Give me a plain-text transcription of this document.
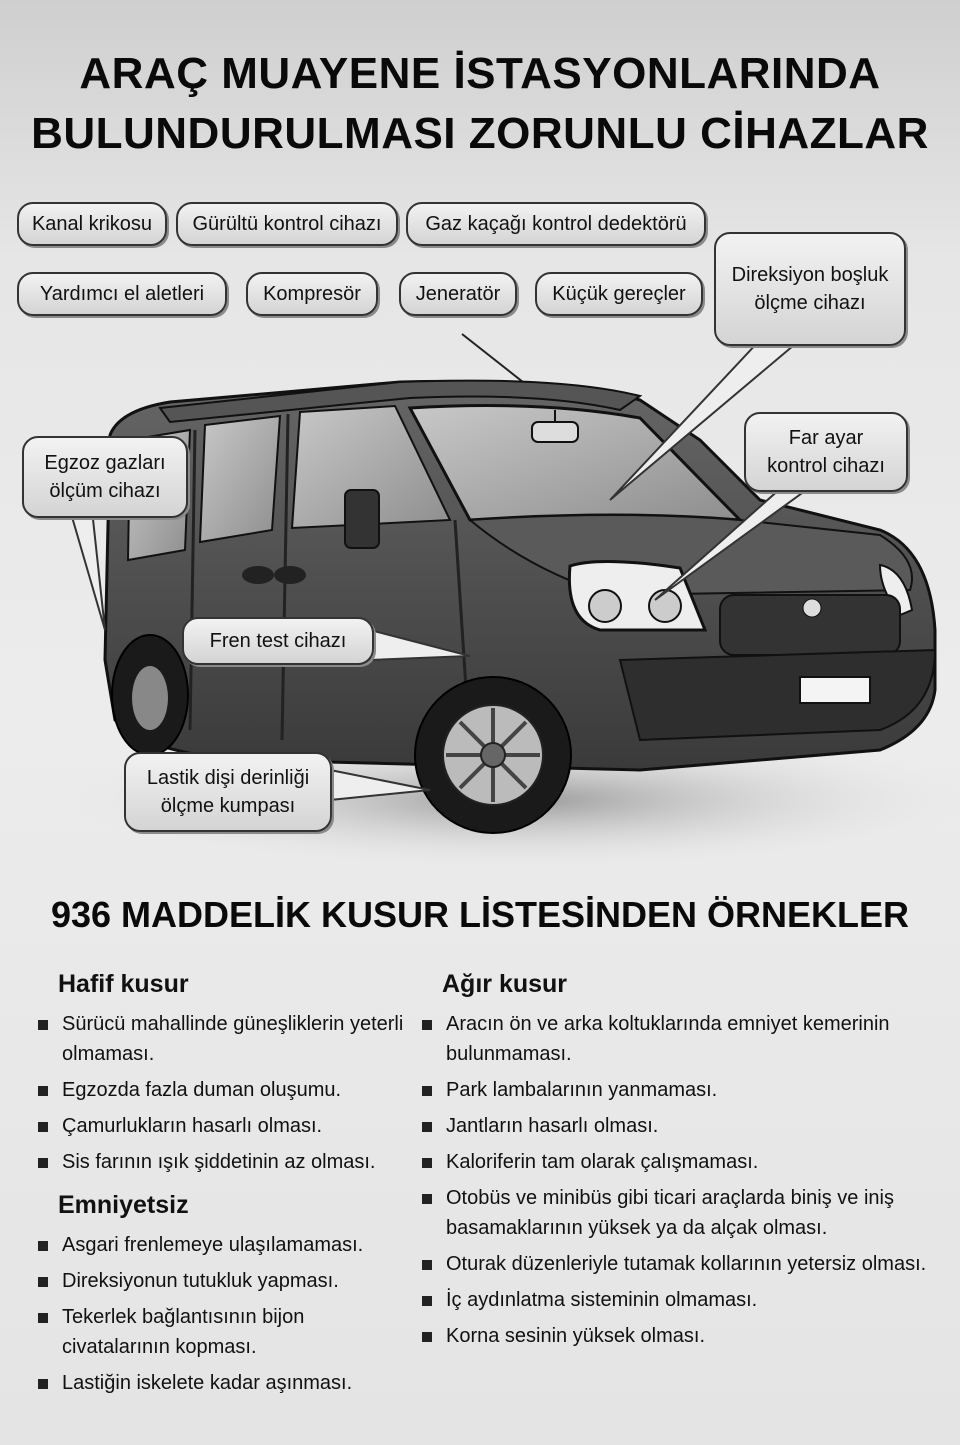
ARAÇ MUAYENE İSTASYONLARINDA
BULUNDURULMASI ZORUNLU CİHAZLAR
Kanal krikosu	Gürültü kontrol cihazı	Gaz kaçağı kontrol dedektörü
Yardımcı el aletleri	Kompresör	Jeneratör	Küçük gereçler
Direksiyon boşluk
ölçme cihazı
Far ayar
kontrol cihazı
Egzoz gazları
ölçüm cihazı
Fren test cihazı
Lastik dişi derinliği
ölçme kumpası
936 MADDELİK KUSUR LİSTESİNDEN ÖRNEKLER
Hafif kusur
Sürücü mahallinde güneşliklerin yeterli olmaması.
Egzozda fazla duman oluşumu.
Çamurlukların hasarlı olması.
Sis farının ışık şiddetinin az olması.
Emniyetsiz
Asgari frenlemeye ulaşılamaması.
Direksiyonun tutukluk yapması.
Tekerlek bağlantısının bijon civatalarının kopması.
Lastiğin iskelete kadar aşınması.
Ağır kusur
Aracın ön ve arka koltuklarında emniyet kemerinin bulunmaması.
Park lambalarının yanmaması.
Jantların hasarlı olması.
Kaloriferin tam olarak çalışmaması.
Otobüs ve minibüs gibi ticari araçlarda biniş ve iniş basamaklarının yüksek ya da alçak olması.
Oturak düzenleriyle tutamak kollarının yetersiz olması.
İç aydınlatma sisteminin olmaması.
Korna sesinin yüksek olması.
